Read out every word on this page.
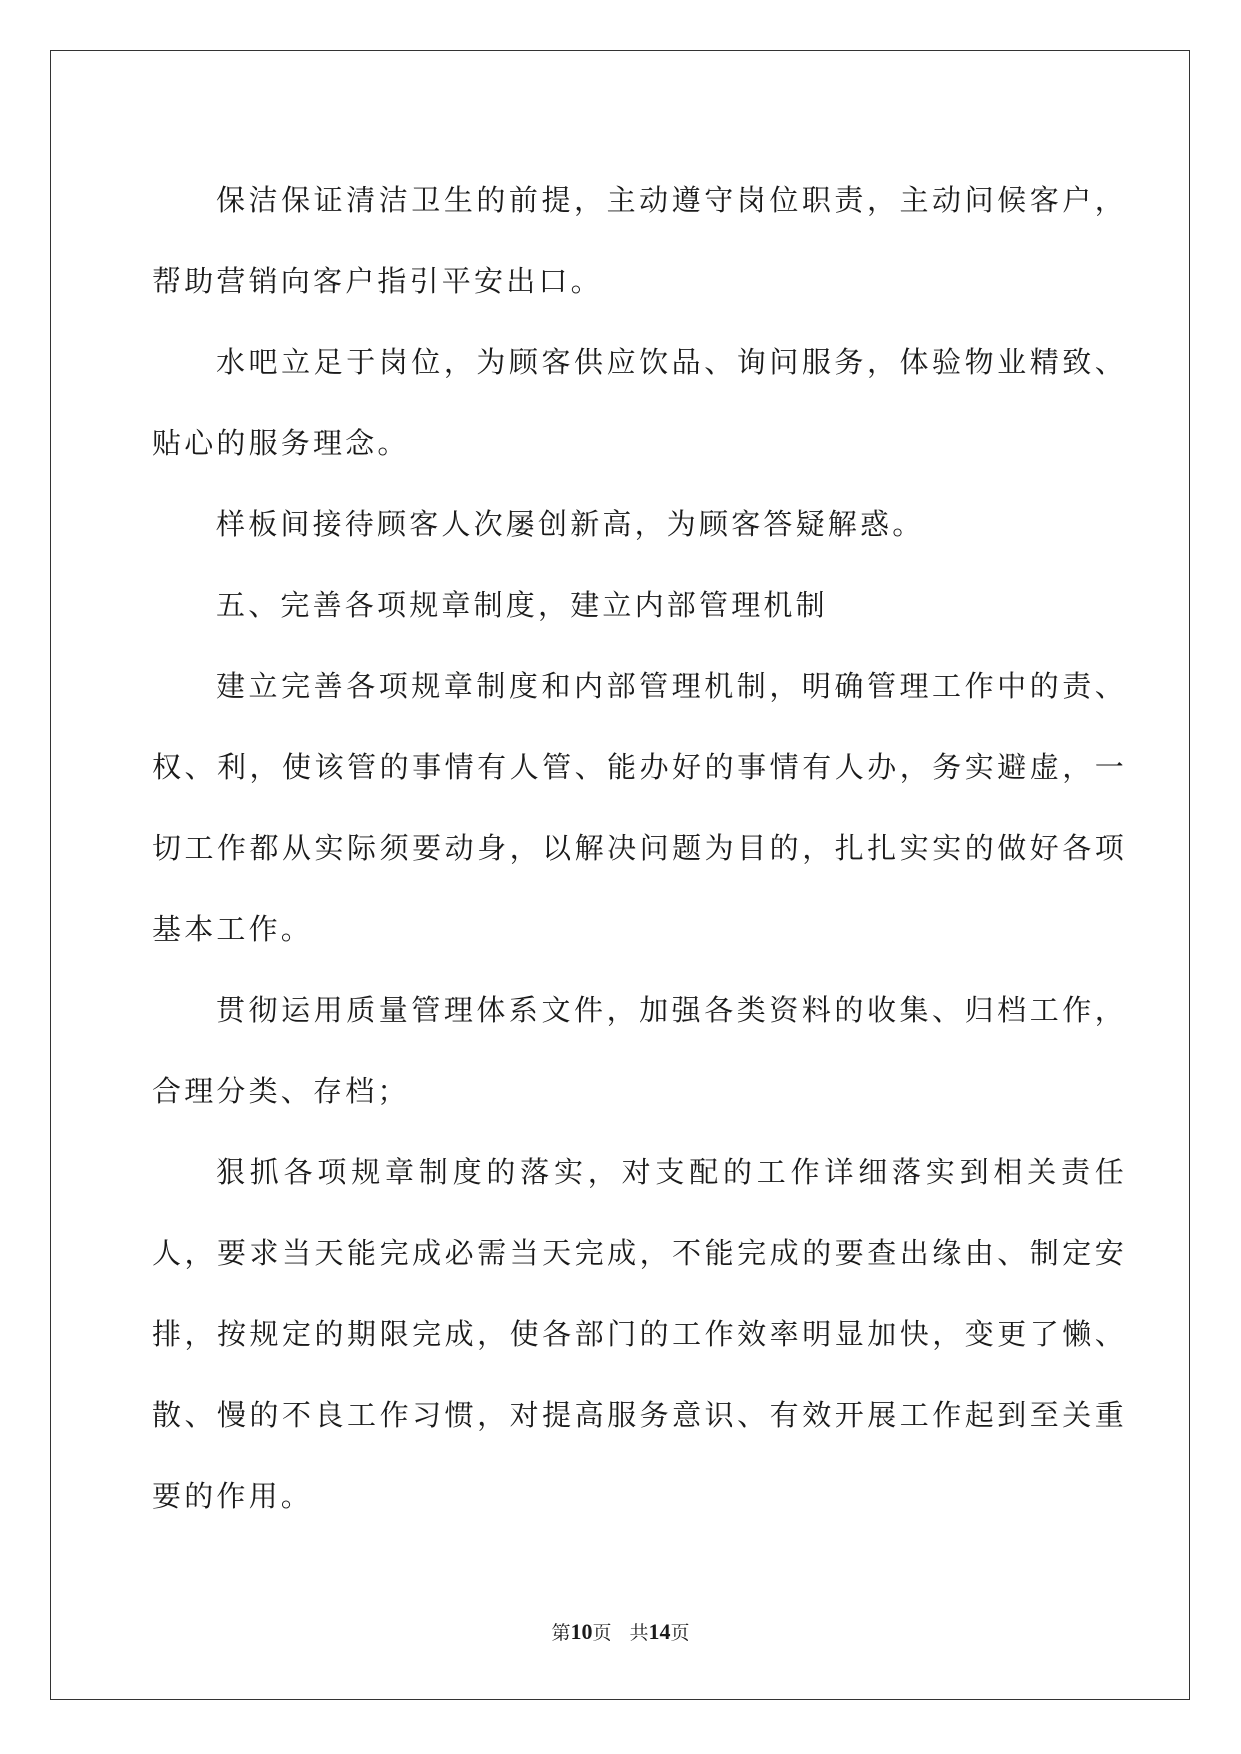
保洁保证清洁卫生的前提，主动遵守岗位职责，主动问候客户，帮助营销向客户指引平安出口。

水吧立足于岗位，为顾客供应饮品、询问服务，体验物业精致、贴心的服务理念。

样板间接待顾客人次屡创新高，为顾客答疑解惑。

五、完善各项规章制度，建立内部管理机制

建立完善各项规章制度和内部管理机制，明确管理工作中的责、权、利，使该管的事情有人管、能办好的事情有人办，务实避虚，一切工作都从实际须要动身，以解决问题为目的，扎扎实实的做好各项基本工作。

贯彻运用质量管理体系文件，加强各类资料的收集、归档工作，合理分类、存档；

狠抓各项规章制度的落实，对支配的工作详细落实到相关责任人，要求当天能完成必需当天完成，不能完成的要查出缘由、制定安排，按规定的期限完成，使各部门的工作效率明显加快，变更了懒、散、慢的不良工作习惯，对提高服务意识、有效开展工作起到至关重要的作用。

第10页 共14页
